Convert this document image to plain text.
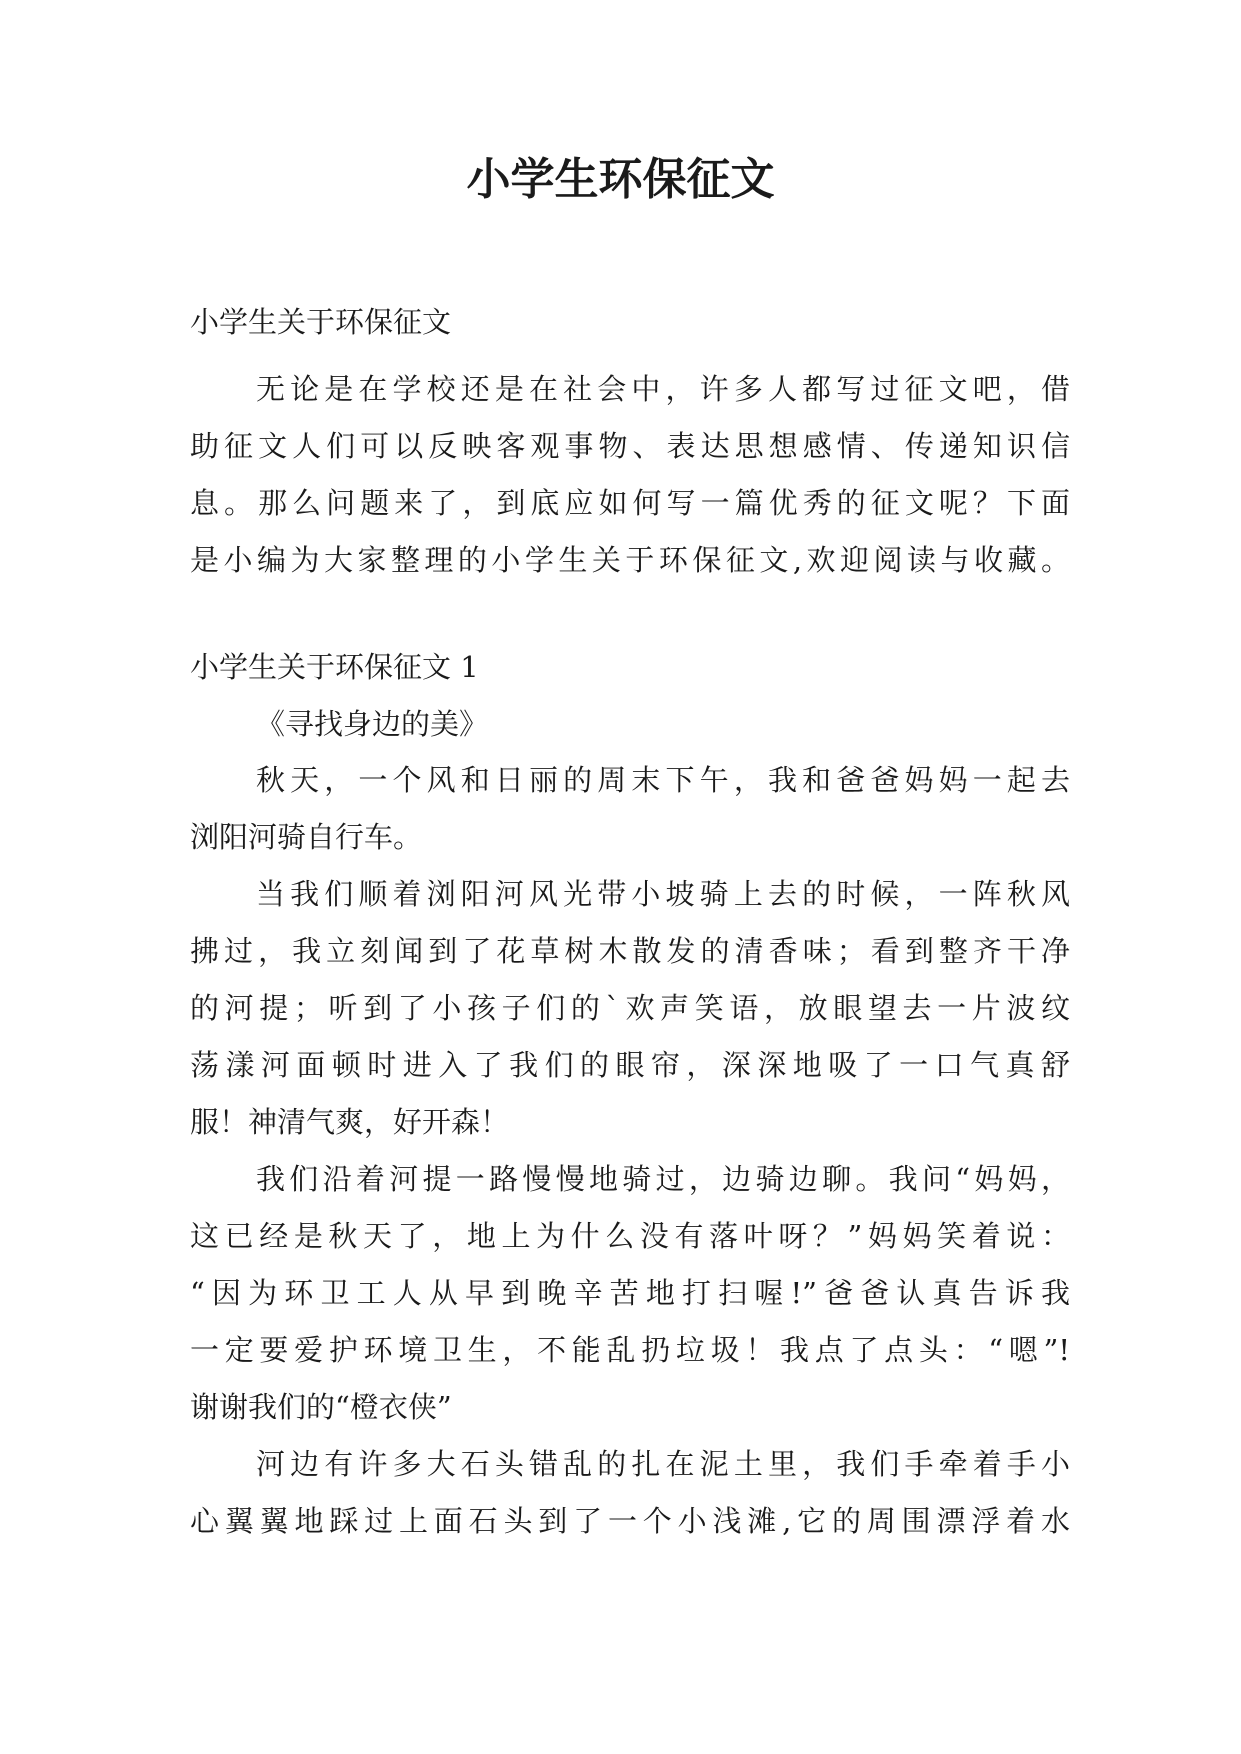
小学生环保征文

小学生关于环保征文

无论是在学校还是在社会中，许多人都写过征文吧，借

助征文人们可以反映客观事物、表达思想感情、传递知识信

息。那么问题来了，到底应如何写一篇优秀的征文呢？下面

是小编为大家整理的小学生关于环保征文,欢迎阅读与收藏。

小学生关于环保征文 1

《寻找身边的美》

秋天，一个风和日丽的周末下午，我和爸爸妈妈一起去

浏阳河骑自行车。

当我们顺着浏阳河风光带小坡骑上去的时候，一阵秋风

拂过，我立刻闻到了花草树木散发的清香味；看到整齐干净

的河提；听到了小孩子们的`欢声笑语，放眼望去一片波纹

荡漾河面顿时进入了我们的眼帘，深深地吸了一口气真舒

服！神清气爽，好开森！

我们沿着河提一路慢慢地骑过，边骑边聊。我问“妈妈，

这已经是秋天了，地上为什么没有落叶呀？”妈妈笑着说：

“因为环卫工人从早到晚辛苦地打扫喔!”爸爸认真告诉我

一定要爱护环境卫生，不能乱扔垃圾！我点了点头：“嗯”!

谢谢我们的“橙衣侠”

河边有许多大石头错乱的扎在泥土里，我们手牵着手小

心翼翼地踩过上面石头到了一个小浅滩,它的周围漂浮着水
